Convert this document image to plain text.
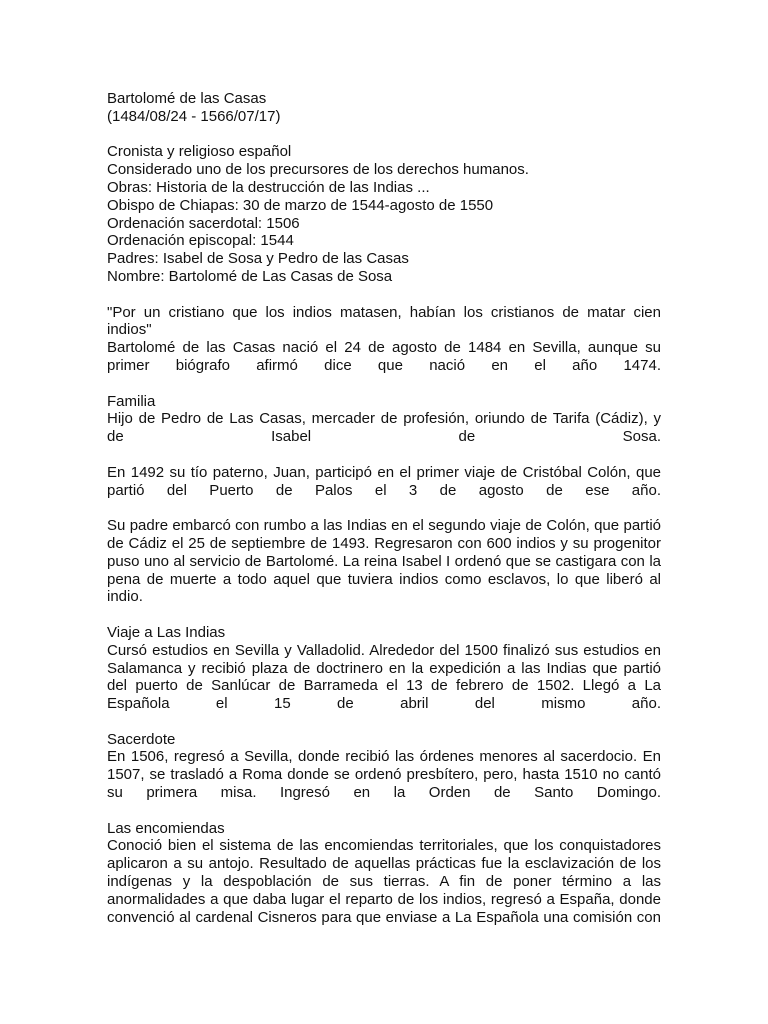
Bartolomé de las Casas
(1484/08/24 - 1566/07/17)
Cronista y religioso español
Considerado uno de los precursores de los derechos humanos.
Obras: Historia de la destrucción de las Indias ...
Obispo de Chiapas: 30 de marzo de 1544-agosto de 1550
Ordenación sacerdotal: 1506
Ordenación episcopal: 1544
Padres: Isabel de Sosa y Pedro de las Casas
Nombre: Bartolomé de Las Casas de Sosa
"Por un cristiano que los indios matasen, habían los cristianos de matar cien indios"
Bartolomé de las Casas nació el 24 de agosto de 1484 en Sevilla, aunque su primer biógrafo afirmó dice que nació en el año 1474.
Familia
Hijo de Pedro de Las Casas, mercader de profesión, oriundo de Tarifa (Cádiz), y de Isabel de Sosa.
En 1492 su tío paterno, Juan, participó en el primer viaje de Cristóbal Colón, que partió del Puerto de Palos el 3 de agosto de ese año.
Su padre embarcó con rumbo a las Indias en el segundo viaje de Colón, que partió de Cádiz el 25 de septiembre de 1493. Regresaron con 600 indios y su progenitor puso uno al servicio de Bartolomé. La reina Isabel I ordenó que se castigara con la pena de muerte a todo aquel que tuviera indios como esclavos, lo que liberó al indio.
Viaje a Las Indias
Cursó estudios en Sevilla y Valladolid. Alrededor del 1500 finalizó sus estudios en Salamanca y recibió plaza de doctrinero en la expedición a las Indias que partió del puerto de Sanlúcar de Barrameda el 13 de febrero de 1502. Llegó a La Española el 15 de abril del mismo año.
Sacerdote
En 1506, regresó a Sevilla, donde recibió las órdenes menores al sacerdocio. En 1507, se trasladó a Roma donde se ordenó presbítero, pero, hasta 1510 no cantó su primera misa. Ingresó en la Orden de Santo Domingo.
Las encomiendas
Conoció bien el sistema de las encomiendas territoriales, que los conquistadores aplicaron a su antojo. Resultado de aquellas prácticas fue la esclavización de los indígenas y la despoblación de sus tierras. A fin de poner término a las anormalidades a que daba lugar el reparto de los indios, regresó a España, donde convenció al cardenal Cisneros para que enviase a La Española una comisión con
